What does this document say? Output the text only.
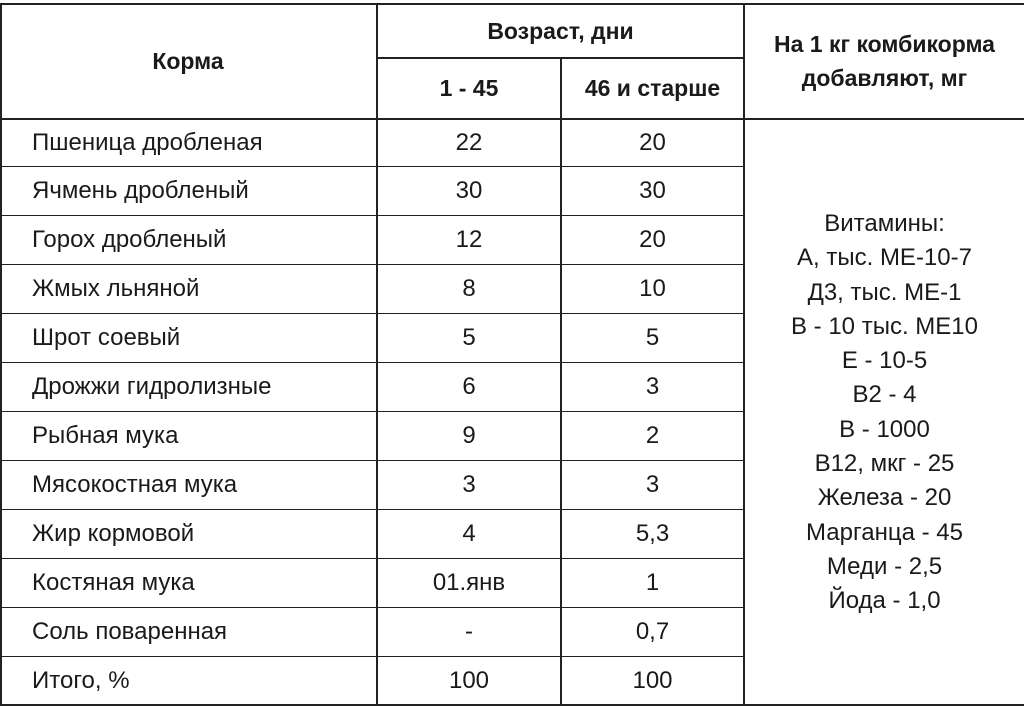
Корма
Возраст, дни
1 - 45	46 и старше
На 1 кг комбикорма
добавляют, мг
Пшеница дробленая	22	20
Ячмень дробленый	30	30
Горох дробленый	12	20
Жмых льняной	8	10
Шрот соевый	5	5
Дрожжи гидролизные	6	3
Рыбная мука	9	2
Мясокостная мука	3	3
Жир кормовой	4	5,3
Костяная мука	01.янв	1
Соль поваренная	-	0,7
Итого, %	100	100
Витамины:
А, тыс. МЕ-10-7
Д3, тыс. МЕ-1
В - 10 тыс. МЕ10
Е - 10-5
В2 - 4
В - 1000
В12, мкг - 25
Железа - 20
Марганца - 45
Меди - 2,5
Йода - 1,0
